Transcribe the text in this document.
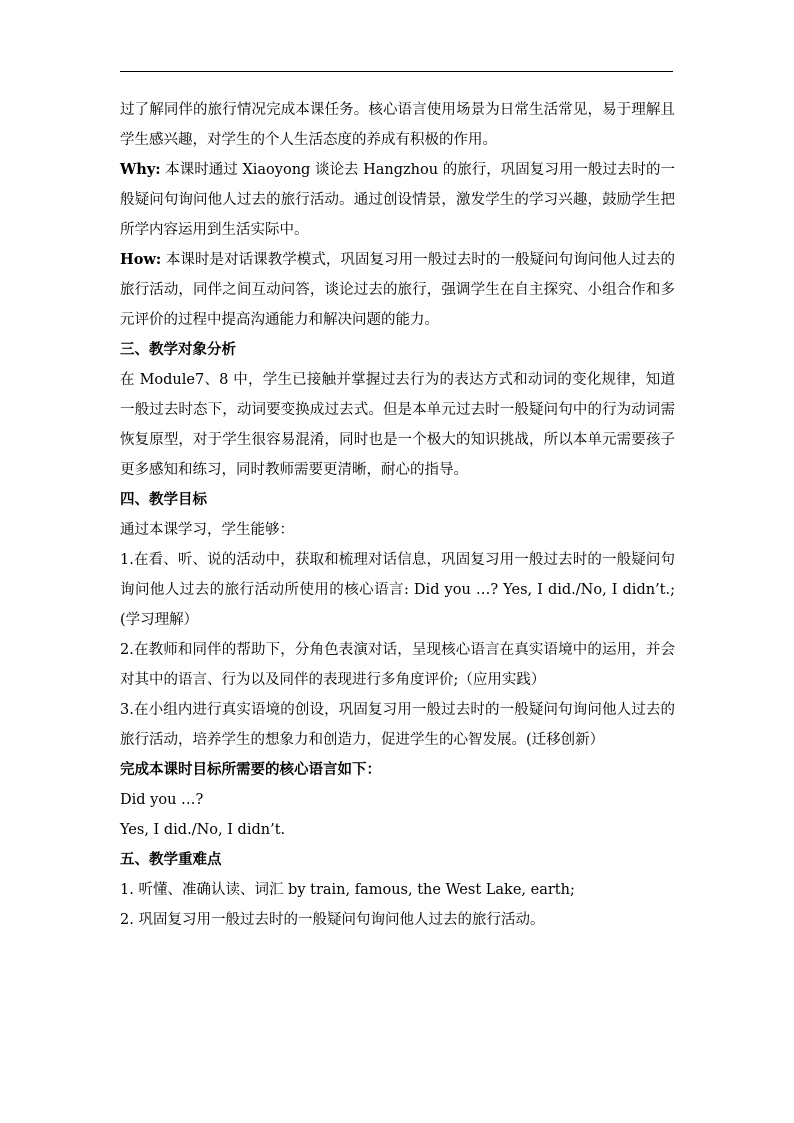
过了解同伴的旅行情况完成本课任务。核心语言使用场景为日常生活常见，易于理解且学生感兴趣，对学生的个人生活态度的养成有积极的作用。

Why: 本课时通过 Xiaoyong 谈论去 Hangzhou 的旅行，巩固复习用一般过去时的一般疑问句询问他人过去的旅行活动。通过创设情景，激发学生的学习兴趣，鼓励学生把所学内容运用到生活实际中。

How: 本课时是对话课教学模式，巩固复习用一般过去时的一般疑问句询问他人过去的旅行活动，同伴之间互动问答，谈论过去的旅行，强调学生在自主探究、小组合作和多元评价的过程中提高沟通能力和解决问题的能力。

三、教学对象分析

在 Module7、8 中，学生已接触并掌握过去行为的表达方式和动词的变化规律，知道一般过去时态下，动词要变换成过去式。但是本单元过去时一般疑问句中的行为动词需恢复原型，对于学生很容易混淆，同时也是一个极大的知识挑战，所以本单元需要孩子更多感知和练习，同时教师需要更清晰，耐心的指导。

四、教学目标

通过本课学习，学生能够：

1.在看、听、说的活动中，获取和梳理对话信息，巩固复习用一般过去时的一般疑问句询问他人过去的旅行活动所使用的核心语言: Did you …? Yes, I did./No, I didn’t.;(学习理解）

2.在教师和同伴的帮助下，分角色表演对话，呈现核心语言在真实语境中的运用，并会对其中的语言、行为以及同伴的表现进行多角度评价;（应用实践）

3.在小组内进行真实语境的创设，巩固复习用一般过去时的一般疑问句询问他人过去的旅行活动，培养学生的想象力和创造力，促进学生的心智发展。(迁移创新）

完成本课时目标所需要的核心语言如下：

Did you …?

Yes, I did./No, I didn’t.

五、教学重难点

1. 听懂、准确认读、词汇 by train, famous, the West Lake, earth;

2. 巩固复习用一般过去时的一般疑问句询问他人过去的旅行活动。
